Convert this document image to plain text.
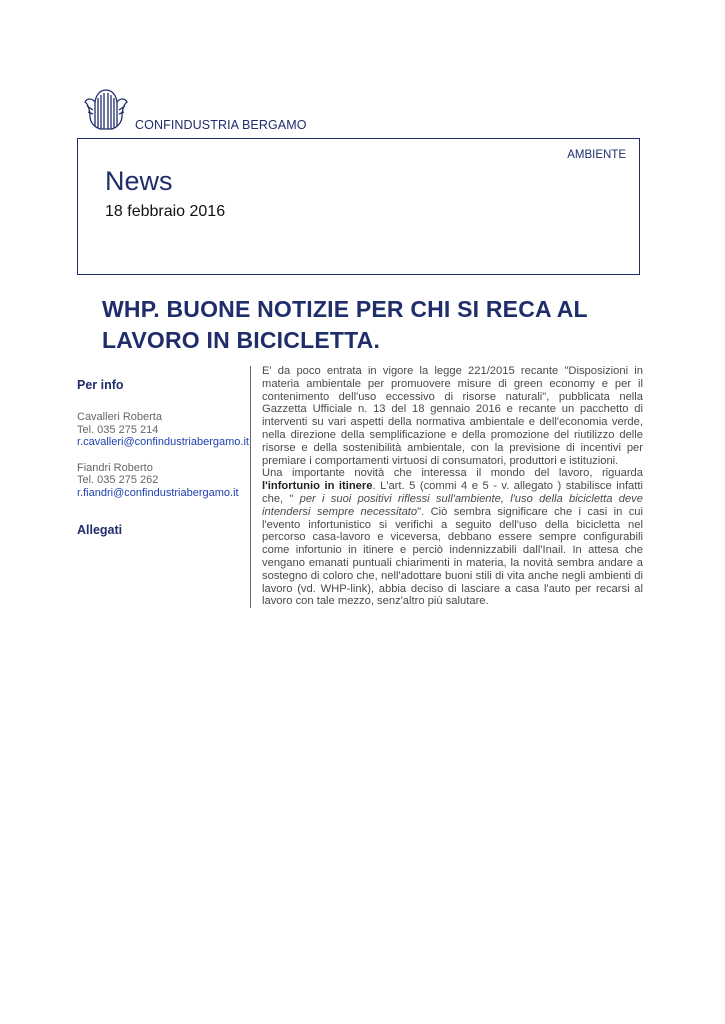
CONFINDUSTRIA BERGAMO
AMBIENTE
News
18 febbraio 2016
WHP. BUONE NOTIZIE PER CHI SI RECA AL LAVORO IN BICICLETTA.
Per info
Cavalleri Roberta
Tel. 035 275 214
r.cavalleri@confindustriabergamo.it
Fiandri Roberto
Tel. 035 275 262
r.fiandri@confindustriabergamo.it
Allegati

E' da poco entrata in vigore la legge 221/2015 recante "Disposizioni in materia ambientale per promuovere misure di green economy e per il contenimento dell'uso eccessivo di risorse naturali", pubblicata nella Gazzetta Ufficiale n. 13 del 18 gennaio 2016 e recante un pacchetto di interventi su vari aspetti della normativa ambientale e dell'economia verde, nella direzione della semplificazione e della promozione del riutilizzo delle risorse e della sostenibilità ambientale, con la previsione di incentivi per premiare i comportamenti virtuosi di consumatori, produttori e istituzioni.

Una importante novità che interessa il mondo del lavoro, riguarda l'infortunio in itinere. L'art. 5 (commi 4 e 5 - v. allegato ) stabilisce infatti che, " per i suoi positivi riflessi sull'ambiente, l'uso della bicicletta deve intendersi sempre necessitato". Ciò sembra significare che i casi in cui l'evento infortunistico si verifichi a seguito dell'uso della bicicletta nel percorso casa-lavoro e viceversa, debbano essere sempre configurabili come infortunio in itinere e perciò indennizzabili dall'Inail. In attesa che vengano emanati puntuali chiarimenti in materia, la novità sembra andare a sostegno di coloro che, nell'adottare buoni stili di vita anche negli ambienti di lavoro (vd. WHP-link), abbia deciso di lasciare a casa l'auto per recarsi al lavoro con tale mezzo, senz'altro più salutare.
